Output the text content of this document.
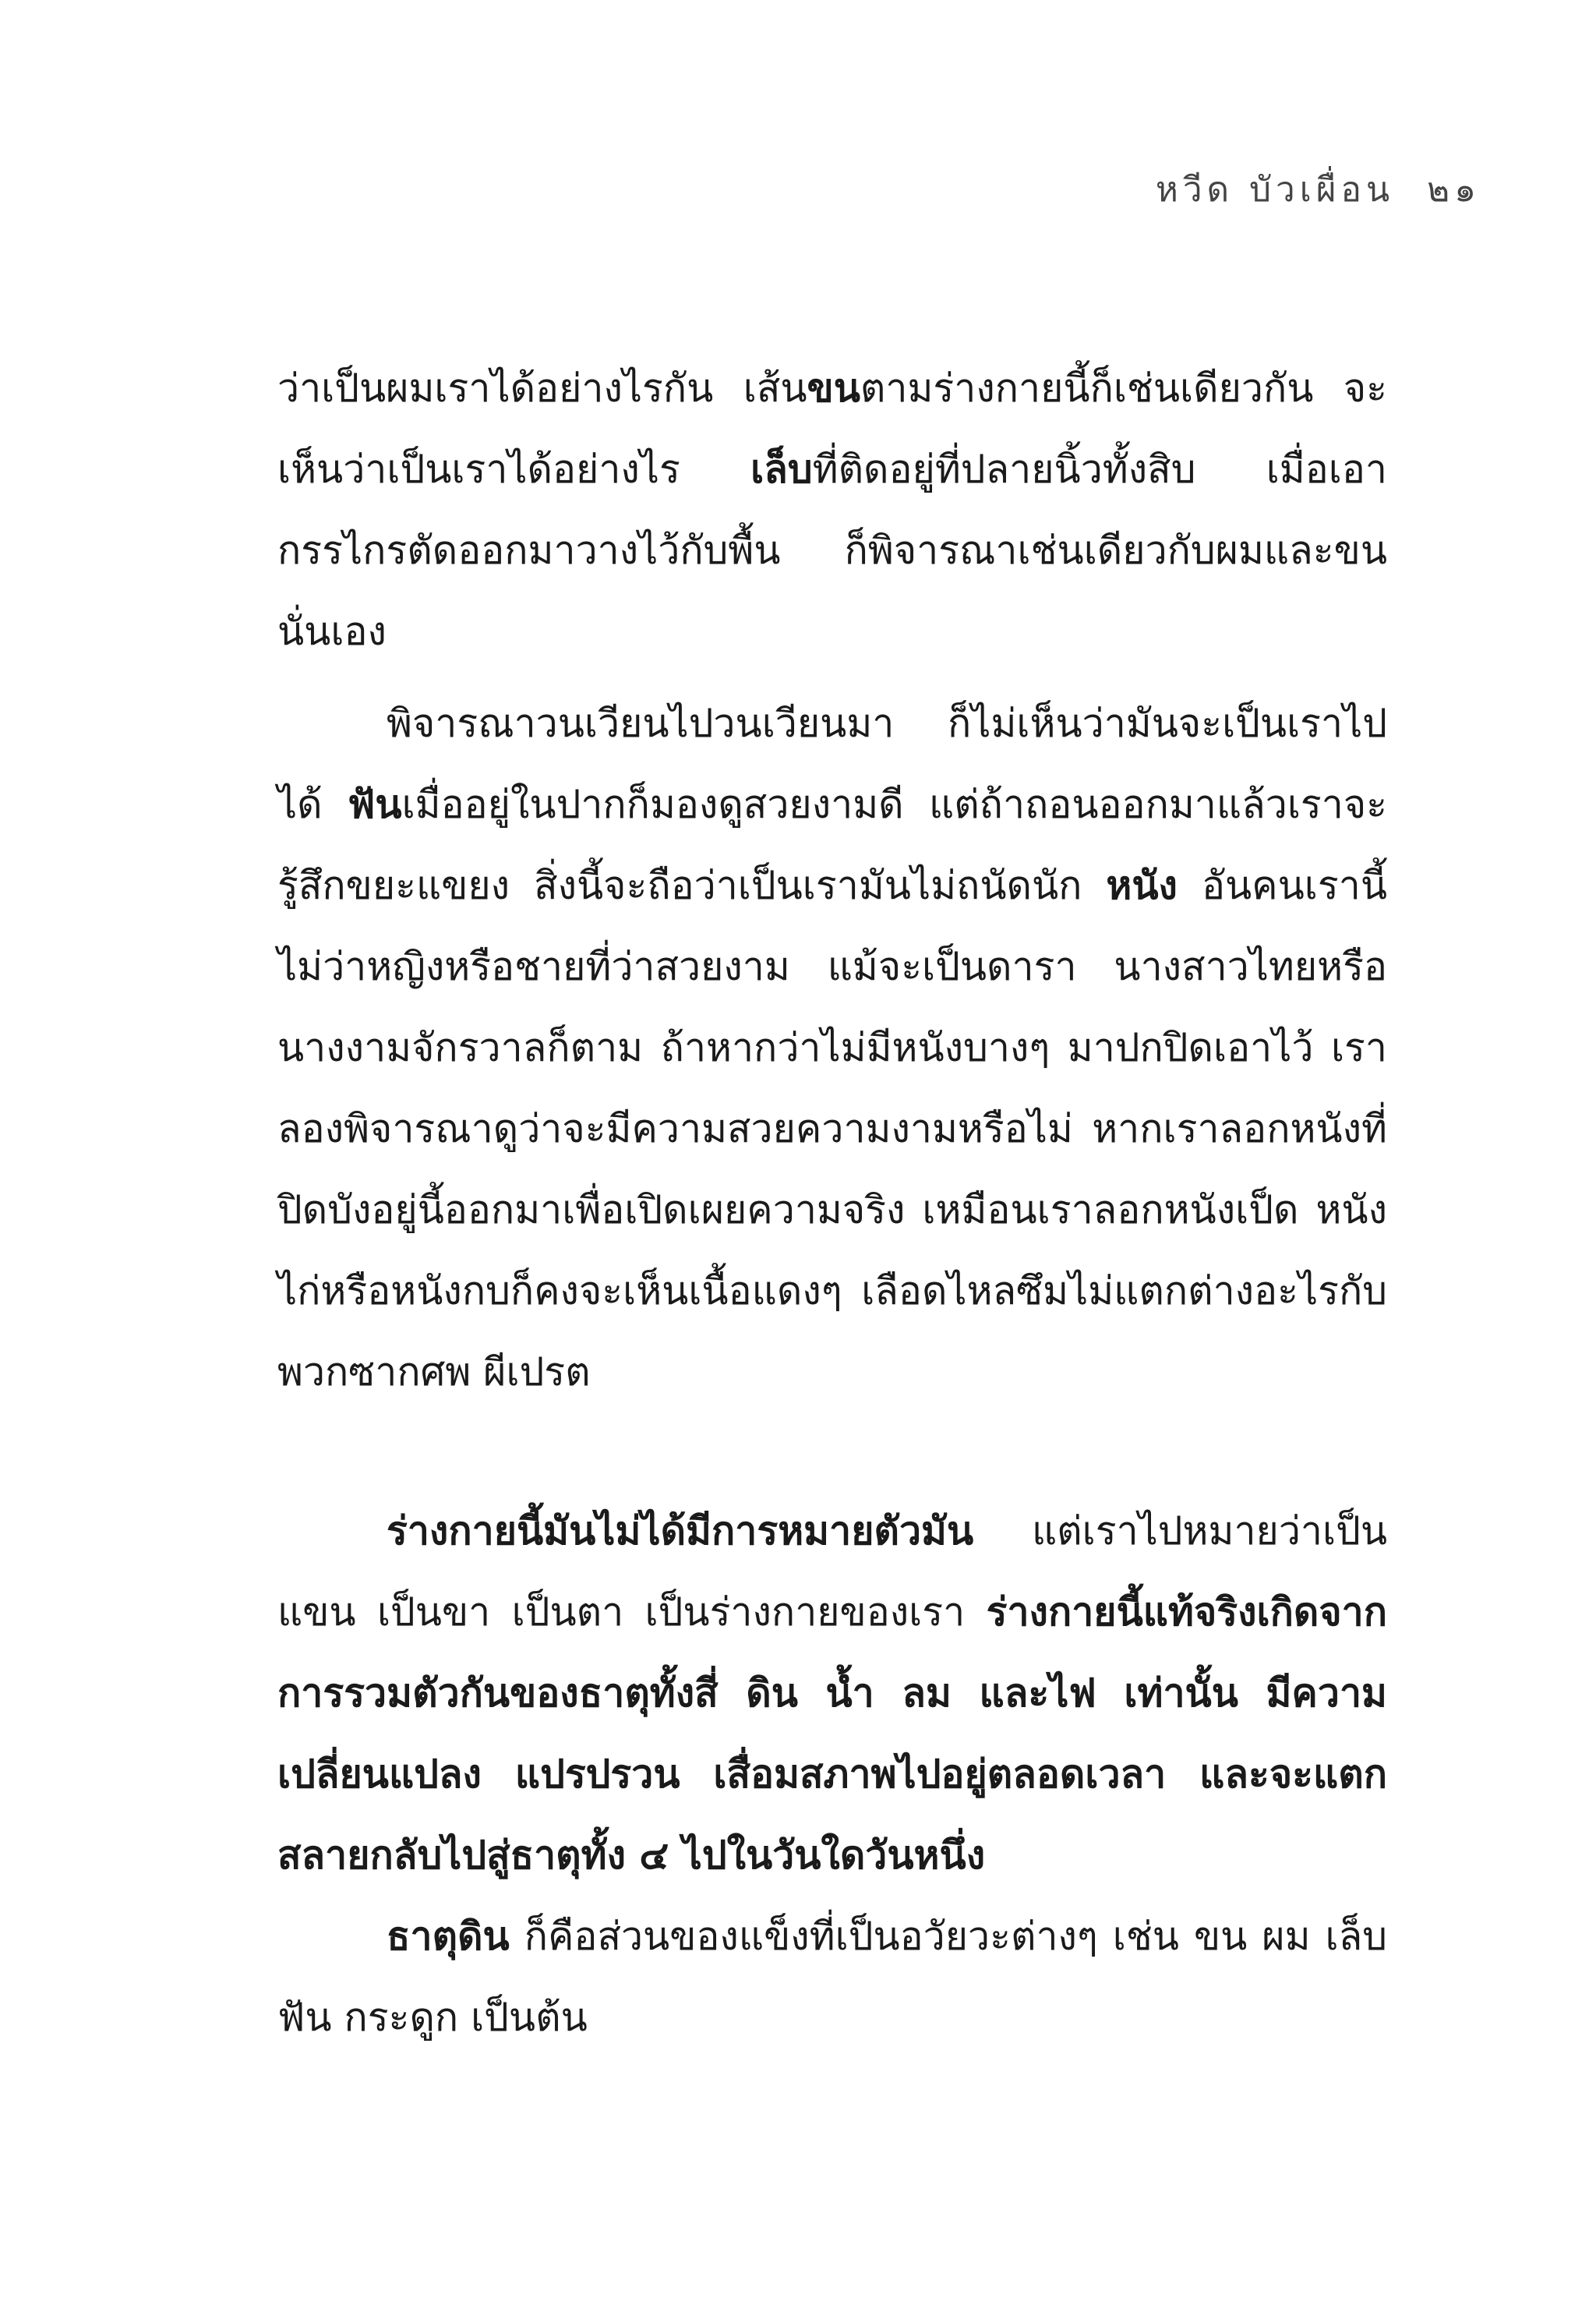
หวีด บัวเผื่อน ๒๑

ว่าเป็นผมเราได้อย่างไรกัน เส้นขนตามร่างกายนี้ก็เช่นเดียวกัน จะเห็นว่าเป็นเราได้อย่างไร เล็บที่ติดอยู่ที่ปลายนิ้วทั้งสิบ เมื่อเอากรรไกรตัดออกมาวางไว้กับพื้น ก็พิจารณาเช่นเดียวกับผมและขนนั่นเอง

พิจารณาวนเวียนไปวนเวียนมา ก็ไม่เห็นว่ามันจะเป็นเราไปได้ ฟันเมื่ออยู่ในปากก็มองดูสวยงามดี แต่ถ้าถอนออกมาแล้วเราจะรู้สึกขยะแขยง สิ่งนี้จะถือว่าเป็นเรามันไม่ถนัดนัก หนัง อันคนเรานี้ไม่ว่าหญิงหรือชายที่ว่าสวยงาม แม้จะเป็นดารา นางสาวไทยหรือนางงามจักรวาลก็ตาม ถ้าหากว่าไม่มีหนังบางๆ มาปกปิดเอาไว้ เราลองพิจารณาดูว่าจะมีความสวยความงามหรือไม่ หากเราลอกหนังที่ปิดบังอยู่นี้ออกมาเพื่อเปิดเผยความจริง เหมือนเราลอกหนังเป็ด หนังไก่หรือหนังกบก็คงจะเห็นเนื้อแดงๆ เลือดไหลซึมไม่แตกต่างอะไรกับพวกซากศพ ผีเปรต

ร่างกายนี้มันไม่ได้มีการหมายตัวมัน แต่เราไปหมายว่าเป็นแขน เป็นขา เป็นตา เป็นร่างกายของเรา ร่างกายนี้แท้จริงเกิดจากการรวมตัวกันของธาตุทั้งสี่ ดิน น้ำ ลม และไฟ เท่านั้น มีความเปลี่ยนแปลง แปรปรวน เสื่อมสภาพไปอยู่ตลอดเวลา และจะแตกสลายกลับไปสู่ธาตุทั้ง ๔ ไปในวันใดวันหนึ่ง

ธาตุดิน ก็คือส่วนของแข็งที่เป็นอวัยวะต่างๆ เช่น ขน ผม เล็บ ฟัน กระดูก เป็นต้น
